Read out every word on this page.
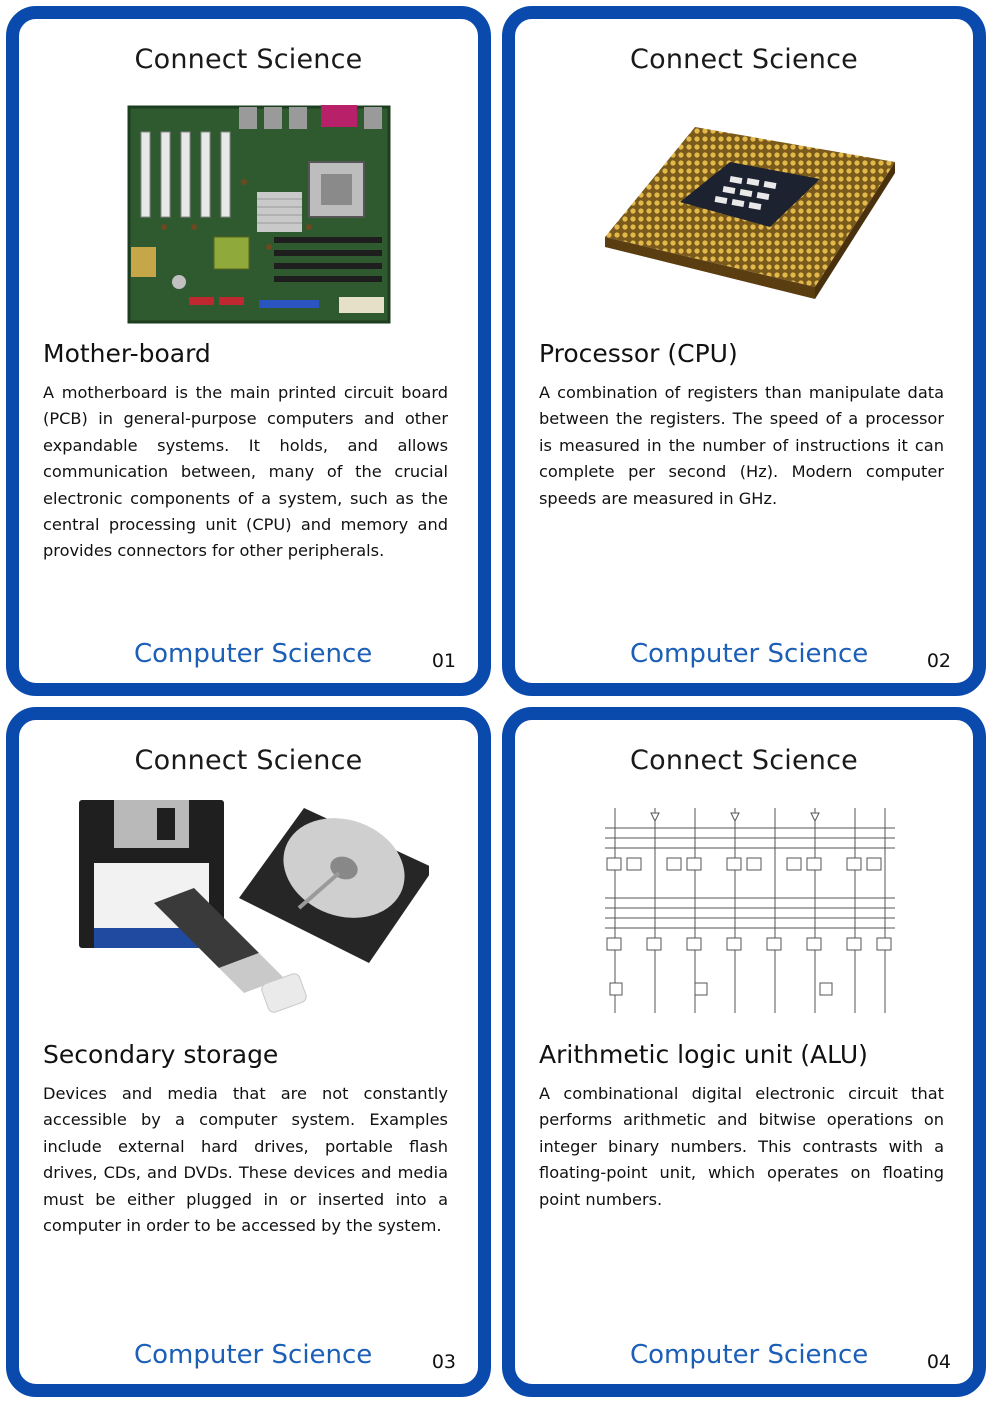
Connect Science
Mother-board
A motherboard is the main printed circuit board (PCB) in general-purpose computers and other expandable systems. It holds, and allows communication between, many of the crucial electronic components of a system, such as the central processing unit (CPU) and memory and provides connectors for other peripherals.
Computer Science	01
Connect Science
Processor (CPU)
A combination of registers than manipulate data between the registers. The speed of a processor is measured in the number of instructions it can complete per second (Hz). Modern computer speeds are measured in GHz.
Computer Science	02
Connect Science
Secondary storage
Devices and media that are not constantly accessible by a computer system. Examples include external hard drives, portable flash drives, CDs, and DVDs. These devices and media must be either plugged in or inserted into a computer in order to be accessed by the system.
Computer Science	03
Connect Science
Arithmetic logic unit (ALU)
A combinational digital electronic circuit that performs arithmetic and bitwise operations on integer binary numbers. This contrasts with a floating-point unit, which operates on floating point numbers.
Computer Science	04
